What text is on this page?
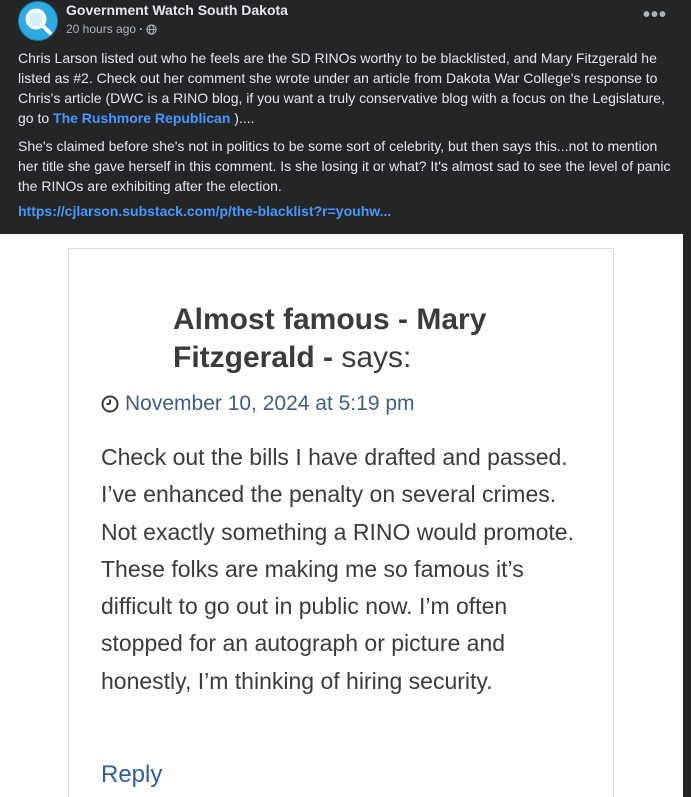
Government Watch South Dakota
20 hours ago ·
•••

Chris Larson listed out who he feels are the SD RINOs worthy to be blacklisted, and Mary Fitzgerald he listed as #2. Check out her comment she wrote under an article from Dakota War College's response to Chris's article (DWC is a RINO blog, if you want a truly conservative blog with a focus on the Legislature, go to The Rushmore Republican )....

She's claimed before she's not in politics to be some sort of celebrity, but then says this...not to mention her title she gave herself in this comment. Is she losing it or what? It's almost sad to see the level of panic the RINOs are exhibiting after the election.

https://cjlarson.substack.com/p/the-blacklist?r=youhw...
Almost famous - Mary
Fitzgerald - says:
November 10, 2024 at 5:19 pm
Check out the bills I have drafted and passed. I’ve enhanced the penalty on several crimes. Not exactly something a RINO would promote. These folks are making me so famous it’s difficult to go out in public now. I’m often stopped for an autograph or picture and honestly, I’m thinking of hiring security.
Reply
